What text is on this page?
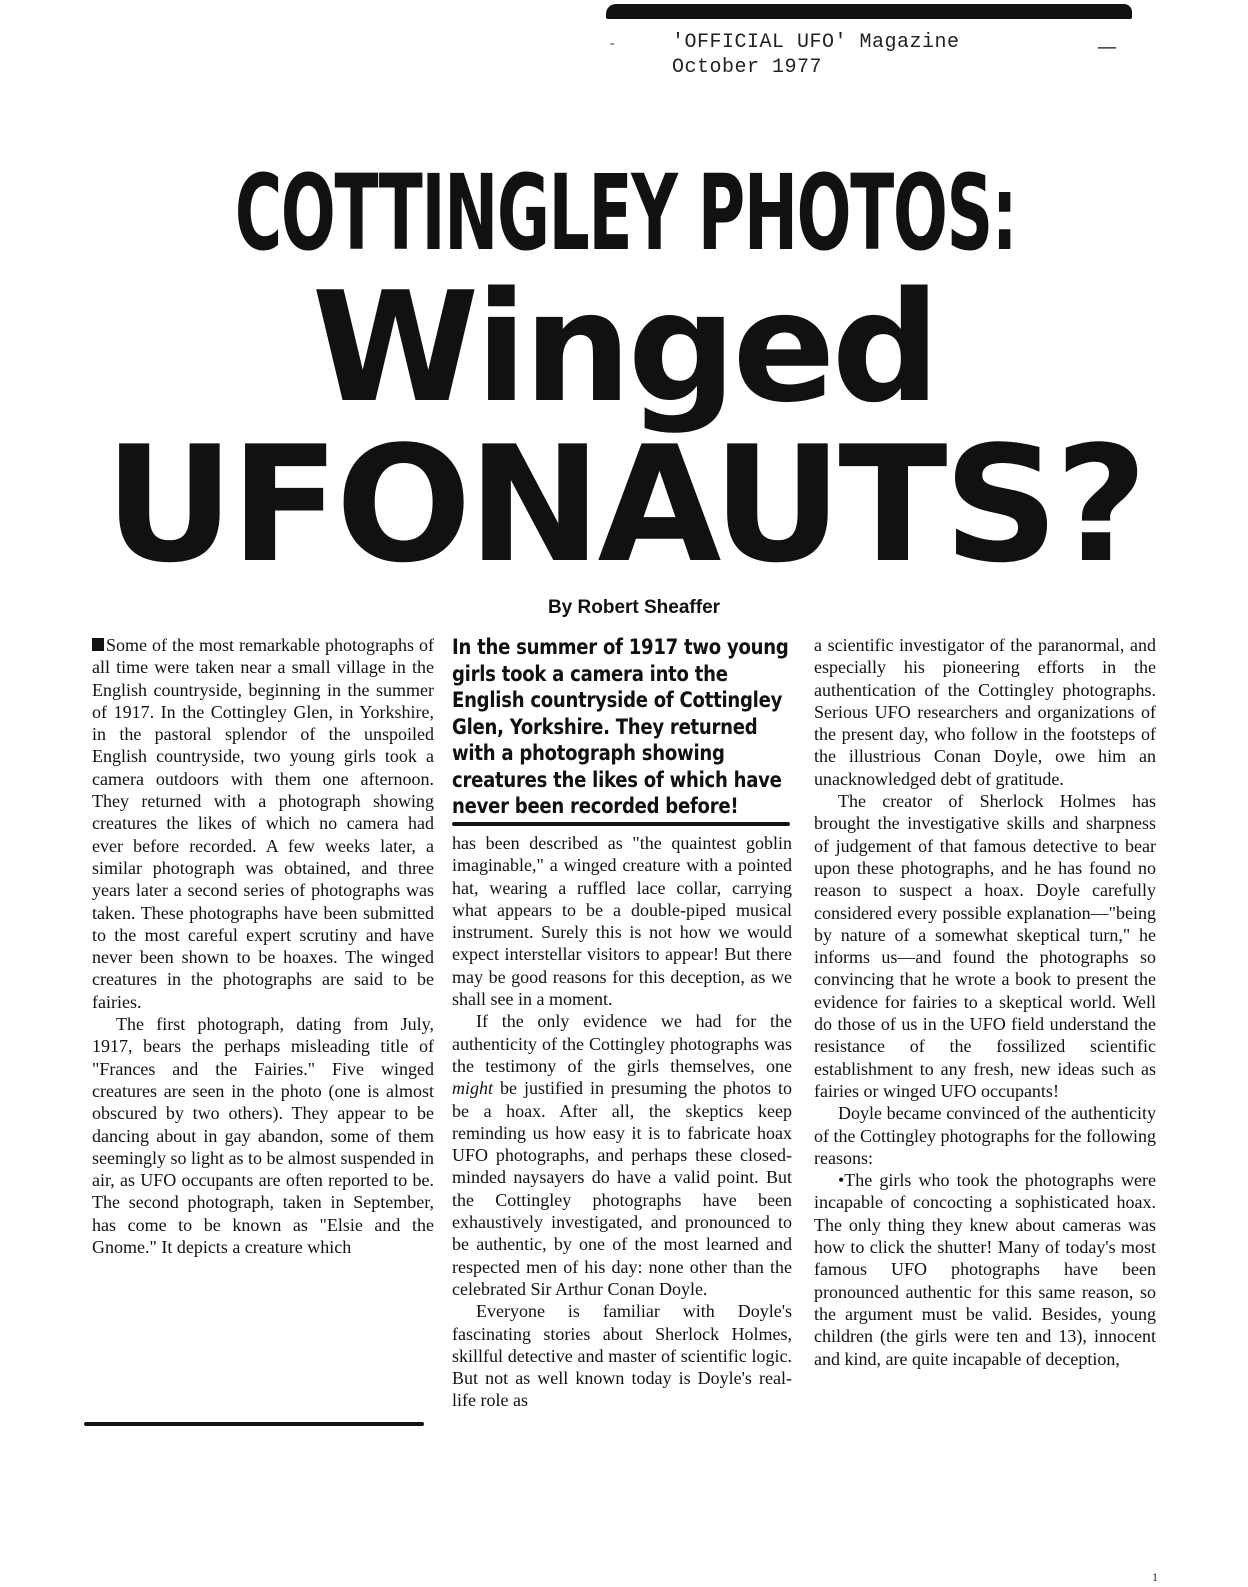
-	—
'OFFICIAL UFO' Magazine
October 1977
COTTINGLEY PHOTOS:
Winged
UFONAUTS?
By Robert Sheaffer

Some of the most remarkable photographs of all time were taken near a small village in the English countryside, beginning in the summer of 1917. In the Cottingley Glen, in Yorkshire, in the pastoral splendor of the unspoiled English countryside, two young girls took a camera outdoors with them one afternoon. They returned with a photograph showing creatures the likes of which no camera had ever before recorded. A few weeks later, a similar photograph was obtained, and three years later a second series of photographs was taken. These photographs have been submitted to the most careful expert scrutiny and have never been shown to be hoaxes. The winged creatures in the photographs are said to be fairies.

The first photograph, dating from July, 1917, bears the perhaps misleading title of "Frances and the Fairies." Five winged creatures are seen in the photo (one is almost obscured by two others). They appear to be dancing about in gay abandon, some of them seemingly so light as to be almost suspended in air, as UFO occupants are often reported to be. The second photograph, taken in September, has come to be known as "Elsie and the Gnome." It depicts a creature which

In the summer of 1917 two young girls took a camera into the English countryside of Cottingley Glen, Yorkshire. They returned with a photograph showing creatures the likes of which have never been recorded before!

has been described as "the quaintest goblin imaginable," a winged creature with a pointed hat, wearing a ruffled lace collar, carrying what appears to be a double-piped musical instrument. Surely this is not how we would expect interstellar visitors to appear! But there may be good reasons for this deception, as we shall see in a moment.

If the only evidence we had for the authenticity of the Cottingley photographs was the testimony of the girls themselves, one might be justified in presuming the photos to be a hoax. After all, the skeptics keep reminding us how easy it is to fabricate hoax UFO photographs, and perhaps these closed-minded naysayers do have a valid point. But the Cottingley photographs have been exhaustively investigated, and pronounced to be authentic, by one of the most learned and respected men of his day: none other than the celebrated Sir Arthur Conan Doyle.

Everyone is familiar with Doyle's fascinating stories about Sherlock Holmes, skillful detective and master of scientific logic. But not as well known today is Doyle's real-life role as

a scientific investigator of the paranormal, and especially his pioneering efforts in the authentication of the Cottingley photographs. Serious UFO researchers and organizations of the present day, who follow in the footsteps of the illustrious Conan Doyle, owe him an unacknowledged debt of gratitude.

The creator of Sherlock Holmes has brought the investigative skills and sharpness of judgement of that famous detective to bear upon these photographs, and he has found no reason to suspect a hoax. Doyle carefully considered every possible explanation—"being by nature of a somewhat skeptical turn," he informs us—and found the photographs so convincing that he wrote a book to present the evidence for fairies to a skeptical world. Well do those of us in the UFO field understand the resistance of the fossilized scientific establishment to any fresh, new ideas such as fairies or winged UFO occupants!

Doyle became convinced of the authenticity of the Cottingley photographs for the following reasons:

•The girls who took the photographs were incapable of concocting a sophisticated hoax. The only thing they knew about cameras was how to click the shutter! Many of today's most famous UFO photographs have been pronounced authentic for this same reason, so the argument must be valid. Besides, young children (the girls were ten and 13), innocent and kind, are quite incapable of deception,

1
